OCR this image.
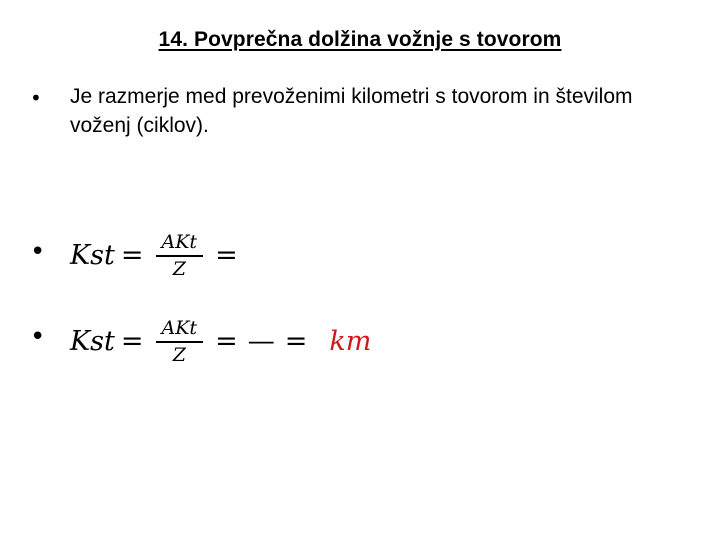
14. Povprečna dolžina vožnje s tovorom
• Je razmerje med prevoženimi kilometri s tovorom in številom voženj (ciklov).
• Kst = $\frac{\text{AKt}}{Z}$ =
• Kst = $\frac{\text{AKt}}{Z}$ = — = km
